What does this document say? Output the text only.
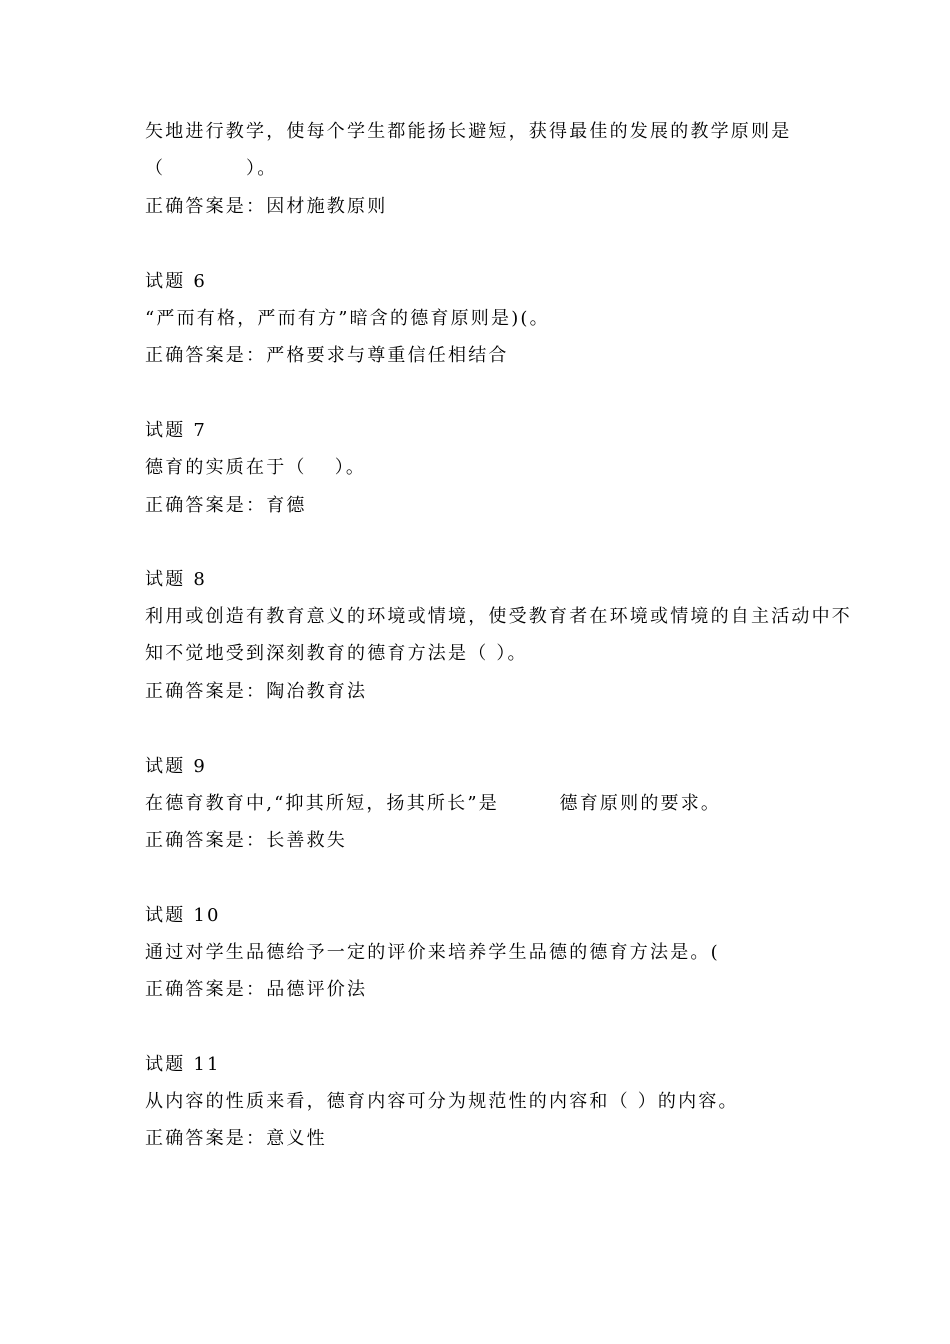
矢地进行教学，使每个学生都能扬长避短，获得最佳的发展的教学原则是
（　　　　）。
正确答案是：因材施教原则
试题 6
“严而有格，严而有方”暗含的德育原则是)(。
正确答案是：严格要求与尊重信任相结合
试题 7
德育的实质在于（　 ）。
正确答案是：育德
试题 8
利用或创造有教育意义的环境或情境，使受教育者在环境或情境的自主活动中不
知不觉地受到深刻教育的德育方法是（ ）。
正确答案是：陶冶教育法
试题 9
在德育教育中,“抑其所短，扬其所长”是　　　德育原则的要求。
正确答案是：长善救失
试题 10
通过对学生品德给予一定的评价来培养学生品德的德育方法是。(
正确答案是：品德评价法
试题 11
从内容的性质来看，德育内容可分为规范性的内容和（ ）的内容。
正确答案是：意义性
